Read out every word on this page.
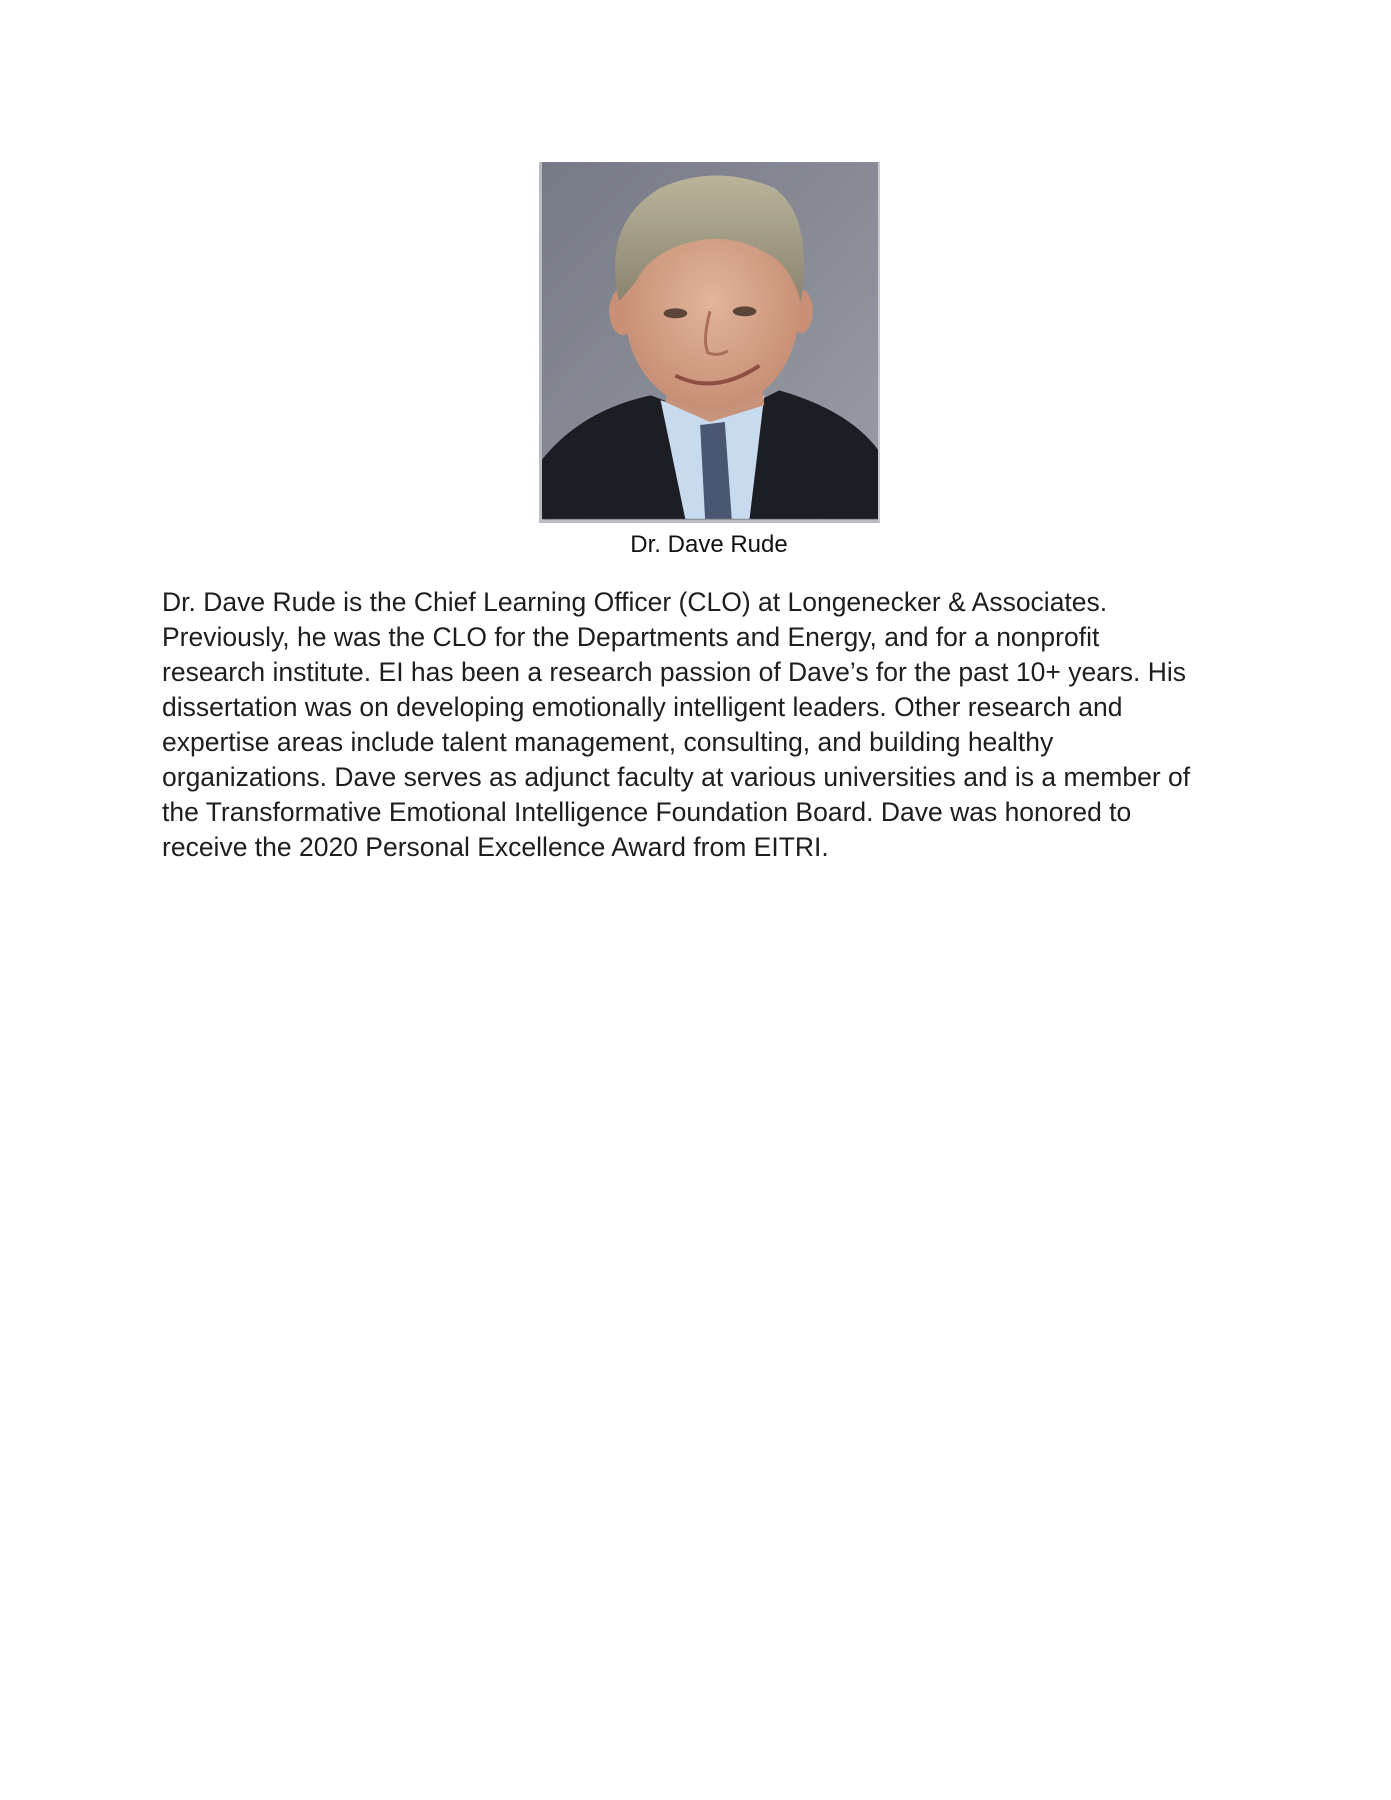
Dr. Dave Rude

Dr. Dave Rude is the Chief Learning Officer (CLO) at Longenecker & Associates.
Previously, he was the CLO for the Departments and Energy, and for a nonprofit
research institute. EI has been a research passion of Dave’s for the past 10+ years. His
dissertation was on developing emotionally intelligent leaders. Other research and
expertise areas include talent management, consulting, and building healthy
organizations. Dave serves as adjunct faculty at various universities and is a member of
the Transformative Emotional Intelligence Foundation Board. Dave was honored to
receive the 2020 Personal Excellence Award from EITRI.
